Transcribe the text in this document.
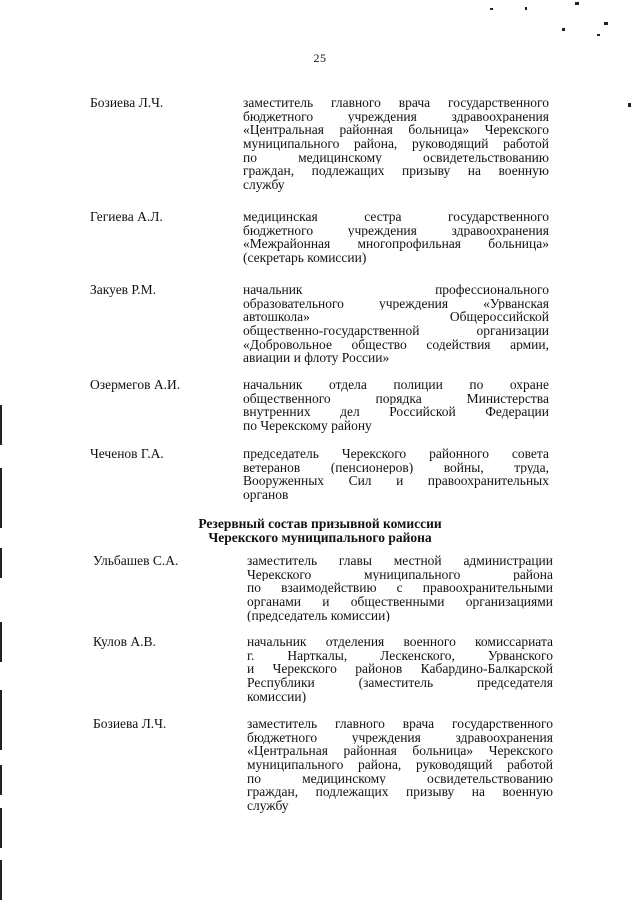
25
Бозиева Л.Ч.	заместитель главного врача государственного
бюджетного учреждения здравоохранения
«Центральная районная больница» Черекского
муниципального района, руководящий работой
по медицинскому освидетельствованию
граждан, подлежащих призыву на военную
службу
Гегиева А.Л.	медицинская сестра государственного
бюджетного учреждения здравоохранения
«Межрайонная многопрофильная больница»
(секретарь комиссии)
Закуев Р.М.	начальник профессионального
образовательного учреждения «Урванская
автошкола» Общероссийской
общественно-государственной организации
«Добровольное общество содействия армии,
авиации и флоту России»
Озермегов А.И.	начальник отдела полиции по охране
общественного порядка Министерства
внутренних дел Российской Федерации
по Черекскому району
Чеченов Г.А.	председатель Черекского районного совета
ветеранов (пенсионеров) войны, труда,
Вооруженных Сил и правоохранительных
органов
Резервный состав призывной комиссии
Черекского муниципального района
Ульбашев С.А.	заместитель главы местной администрации
Черекского муниципального района
по взаимодействию с правоохранительными
органами и общественными организациями
(председатель комиссии)
Кулов А.В.	начальник отделения военного комиссариата
г. Нарткалы, Лескенского, Урванского
и Черекского районов Кабардино-Балкарской
Республики (заместитель председателя
комиссии)
Бозиева Л.Ч.	заместитель главного врача государственного
бюджетного учреждения здравоохранения
«Центральная районная больница» Черекского
муниципального района, руководящий работой
по медицинскому освидетельствованию
граждан, подлежащих призыву на военную
службу
